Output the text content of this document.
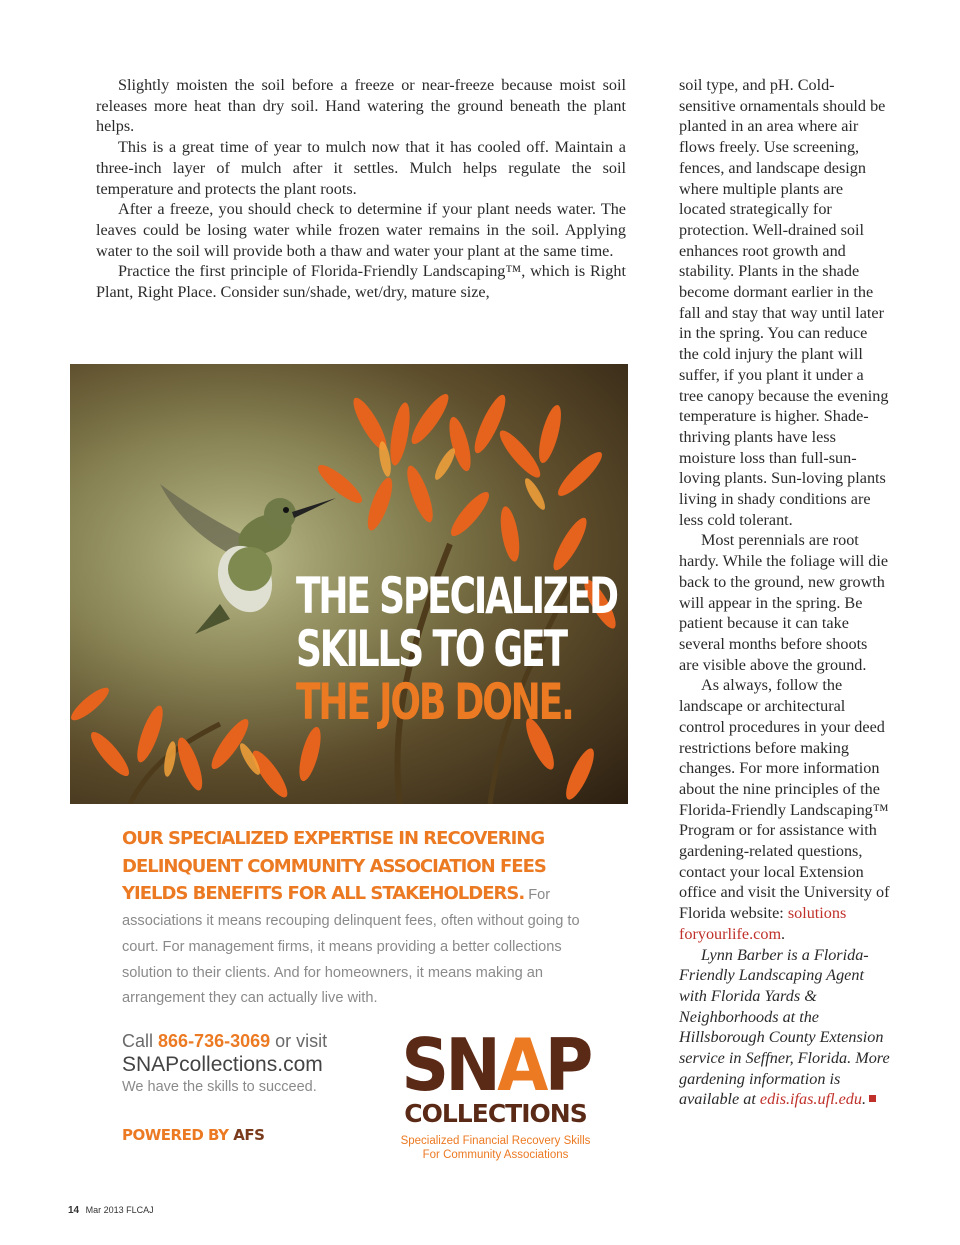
Slightly moisten the soil before a freeze or near-freeze because moist soil releases more heat than dry soil. Hand watering the ground beneath the plant helps.

This is a great time of year to mulch now that it has cooled off. Maintain a three-inch layer of mulch after it settles. Mulch helps regulate the soil temperature and protects the plant roots.

After a freeze, you should check to determine if your plant needs water. The leaves could be losing water while frozen water remains in the soil. Applying water to the soil will provide both a thaw and water your plant at the same time.

Practice the first principle of Florida-Friendly Landscaping™, which is Right Plant, Right Place. Consider sun/shade, wet/dry, mature size,

soil type, and pH. Cold-sensitive ornamentals should be planted in an area where air flows freely. Use screening, fences, and landscape design where multiple plants are located strategically for protection. Well-drained soil enhances root growth and stability. Plants in the shade become dormant earlier in the fall and stay that way until later in the spring. You can reduce the cold injury the plant will suffer, if you plant it under a tree canopy because the evening temperature is higher. Shade-thriving plants have less moisture loss than full-sun-loving plants. Sun-loving plants living in shady conditions are less cold tolerant.

Most perennials are root hardy. While the foliage will die back to the ground, new growth will appear in the spring. Be patient because it can take several months before shoots are visible above the ground.

As always, follow the landscape or architectural control procedures in your deed restrictions before making changes. For more information about the nine principles of the Florida-Friendly Landscaping™ Program or for assistance with gardening-related questions, contact your local Extension office and visit the University of Florida website: solutions foryourlife.com.

Lynn Barber is a Florida-Friendly Landscaping Agent with Florida Yards & Neighborhoods at the Hillsborough County Extension service in Seffner, Florida. More gardening information is available at edis.ifas.ufl.edu.

THE SPECIALIZED
SKILLS TO GET
THE JOB DONE.
OUR SPECIALIZED EXPERTISE IN RECOVERING DELINQUENT COMMUNITY ASSOCIATION FEES YIELDS BENEFITS FOR ALL STAKEHOLDERS. For associations it means recouping delinquent fees, often without going to court. For management firms, it means providing a better collections solution to their clients. And for homeowners, it means making an arrangement they can actually live with.
Call 866-736-3069 or visit
SNAPcollections.com
We have the skills to succeed.
POWERED BY AFS
SNAP
COLLECTIONS
Specialized Financial Recovery Skills
For Community Associations
14 Mar 2013 FLCAJ
